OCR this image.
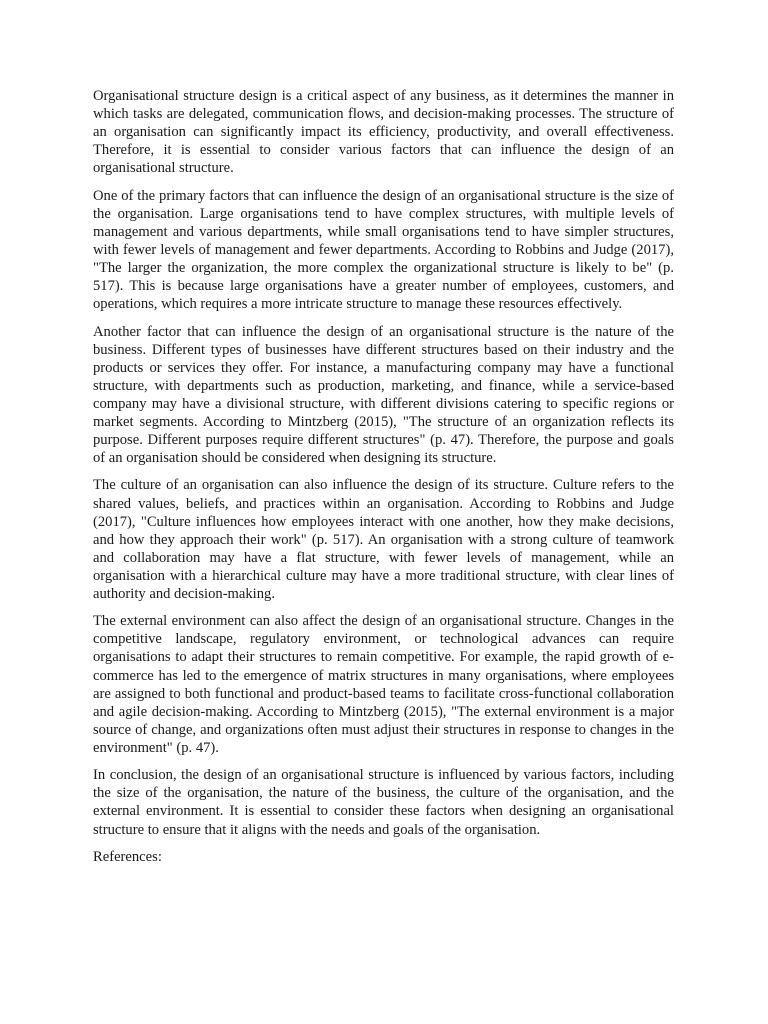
Organisational structure design is a critical aspect of any business, as it determines the manner in which tasks are delegated, communication flows, and decision-making processes. The structure of an organisation can significantly impact its efficiency, productivity, and overall effectiveness. Therefore, it is essential to consider various factors that can influence the design of an organisational structure.

One of the primary factors that can influence the design of an organisational structure is the size of the organisation. Large organisations tend to have complex structures, with multiple levels of management and various departments, while small organisations tend to have simpler structures, with fewer levels of management and fewer departments. According to Robbins and Judge (2017), "The larger the organization, the more complex the organizational structure is likely to be" (p. 517). This is because large organisations have a greater number of employees, customers, and operations, which requires a more intricate structure to manage these resources effectively.

Another factor that can influence the design of an organisational structure is the nature of the business. Different types of businesses have different structures based on their industry and the products or services they offer. For instance, a manufacturing company may have a functional structure, with departments such as production, marketing, and finance, while a service-based company may have a divisional structure, with different divisions catering to specific regions or market segments. According to Mintzberg (2015), "The structure of an organization reflects its purpose. Different purposes require different structures" (p. 47). Therefore, the purpose and goals of an organisation should be considered when designing its structure.

The culture of an organisation can also influence the design of its structure. Culture refers to the shared values, beliefs, and practices within an organisation. According to Robbins and Judge (2017), "Culture influences how employees interact with one another, how they make decisions, and how they approach their work" (p. 517). An organisation with a strong culture of teamwork and collaboration may have a flat structure, with fewer levels of management, while an organisation with a hierarchical culture may have a more traditional structure, with clear lines of authority and decision-making.

The external environment can also affect the design of an organisational structure. Changes in the competitive landscape, regulatory environment, or technological advances can require organisations to adapt their structures to remain competitive. For example, the rapid growth of e-commerce has led to the emergence of matrix structures in many organisations, where employees are assigned to both functional and product-based teams to facilitate cross-functional collaboration and agile decision-making. According to Mintzberg (2015), "The external environment is a major source of change, and organizations often must adjust their structures in response to changes in the environment" (p. 47).

In conclusion, the design of an organisational structure is influenced by various factors, including the size of the organisation, the nature of the business, the culture of the organisation, and the external environment. It is essential to consider these factors when designing an organisational structure to ensure that it aligns with the needs and goals of the organisation.

References:
